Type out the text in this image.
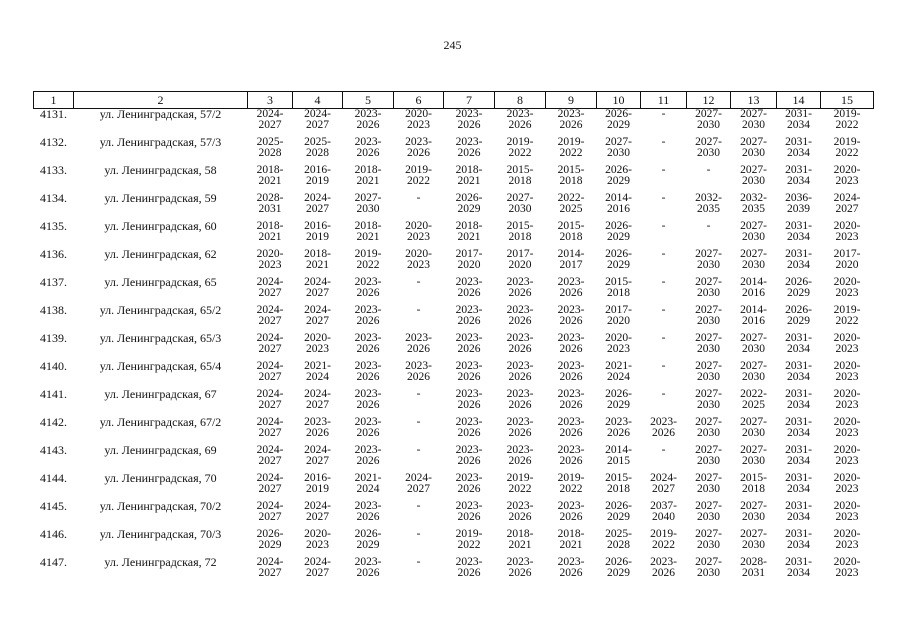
245
1	2	3	4	5	6	7	8	9	10	11	12	13	14	15
4131.	ул. Ленинградская, 57/2	2024-
2027	2024-
2027	2023-
2026	2020-
2023	2023-
2026	2023-
2026	2023-
2026	2026-
2029	-	2027-
2030	2027-
2030	2031-
2034	2019-
2022

4132.	ул. Ленинградская, 57/3	2025-
2028	2025-
2028	2023-
2026	2023-
2026	2023-
2026	2019-
2022	2019-
2022	2027-
2030	-	2027-
2030	2027-
2030	2031-
2034	2019-
2022

4133.	ул. Ленинградская, 58	2018-
2021	2016-
2019	2018-
2021	2019-
2022	2018-
2021	2015-
2018	2015-
2018	2026-
2029	-	-	2027-
2030	2031-
2034	2020-
2023

4134.	ул. Ленинградская, 59	2028-
2031	2024-
2027	2027-
2030	-	2026-
2029	2027-
2030	2022-
2025	2014-
2016	-	2032-
2035	2032-
2035	2036-
2039	2024-
2027

4135.	ул. Ленинградская, 60	2018-
2021	2016-
2019	2018-
2021	2020-
2023	2018-
2021	2015-
2018	2015-
2018	2026-
2029	-	-	2027-
2030	2031-
2034	2020-
2023

4136.	ул. Ленинградская, 62	2020-
2023	2018-
2021	2019-
2022	2020-
2023	2017-
2020	2017-
2020	2014-
2017	2026-
2029	-	2027-
2030	2027-
2030	2031-
2034	2017-
2020

4137.	ул. Ленинградская, 65	2024-
2027	2024-
2027	2023-
2026	-	2023-
2026	2023-
2026	2023-
2026	2015-
2018	-	2027-
2030	2014-
2016	2026-
2029	2020-
2023

4138.	ул. Ленинградская, 65/2	2024-
2027	2024-
2027	2023-
2026	-	2023-
2026	2023-
2026	2023-
2026	2017-
2020	-	2027-
2030	2014-
2016	2026-
2029	2019-
2022

4139.	ул. Ленинградская, 65/3	2024-
2027	2020-
2023	2023-
2026	2023-
2026	2023-
2026	2023-
2026	2023-
2026	2020-
2023	-	2027-
2030	2027-
2030	2031-
2034	2020-
2023

4140.	ул. Ленинградская, 65/4	2024-
2027	2021-
2024	2023-
2026	2023-
2026	2023-
2026	2023-
2026	2023-
2026	2021-
2024	-	2027-
2030	2027-
2030	2031-
2034	2020-
2023

4141.	ул. Ленинградская, 67	2024-
2027	2024-
2027	2023-
2026	-	2023-
2026	2023-
2026	2023-
2026	2026-
2029	-	2027-
2030	2022-
2025	2031-
2034	2020-
2023

4142.	ул. Ленинградская, 67/2	2024-
2027	2023-
2026	2023-
2026	-	2023-
2026	2023-
2026	2023-
2026	2023-
2026	2023-
2026	2027-
2030	2027-
2030	2031-
2034	2020-
2023

4143.	ул. Ленинградская, 69	2024-
2027	2024-
2027	2023-
2026	-	2023-
2026	2023-
2026	2023-
2026	2014-
2015	-	2027-
2030	2027-
2030	2031-
2034	2020-
2023

4144.	ул. Ленинградская, 70	2024-
2027	2016-
2019	2021-
2024	2024-
2027	2023-
2026	2019-
2022	2019-
2022	2015-
2018	2024-
2027	2027-
2030	2015-
2018	2031-
2034	2020-
2023

4145.	ул. Ленинградская, 70/2	2024-
2027	2024-
2027	2023-
2026	-	2023-
2026	2023-
2026	2023-
2026	2026-
2029	2037-
2040	2027-
2030	2027-
2030	2031-
2034	2020-
2023

4146.	ул. Ленинградская, 70/3	2026-
2029	2020-
2023	2026-
2029	-	2019-
2022	2018-
2021	2018-
2021	2025-
2028	2019-
2022	2027-
2030	2027-
2030	2031-
2034	2020-
2023

4147.	ул. Ленинградская, 72	2024-
2027	2024-
2027	2023-
2026	-	2023-
2026	2023-
2026	2023-
2026	2026-
2029	2023-
2026	2027-
2030	2028-
2031	2031-
2034	2020-
2023
